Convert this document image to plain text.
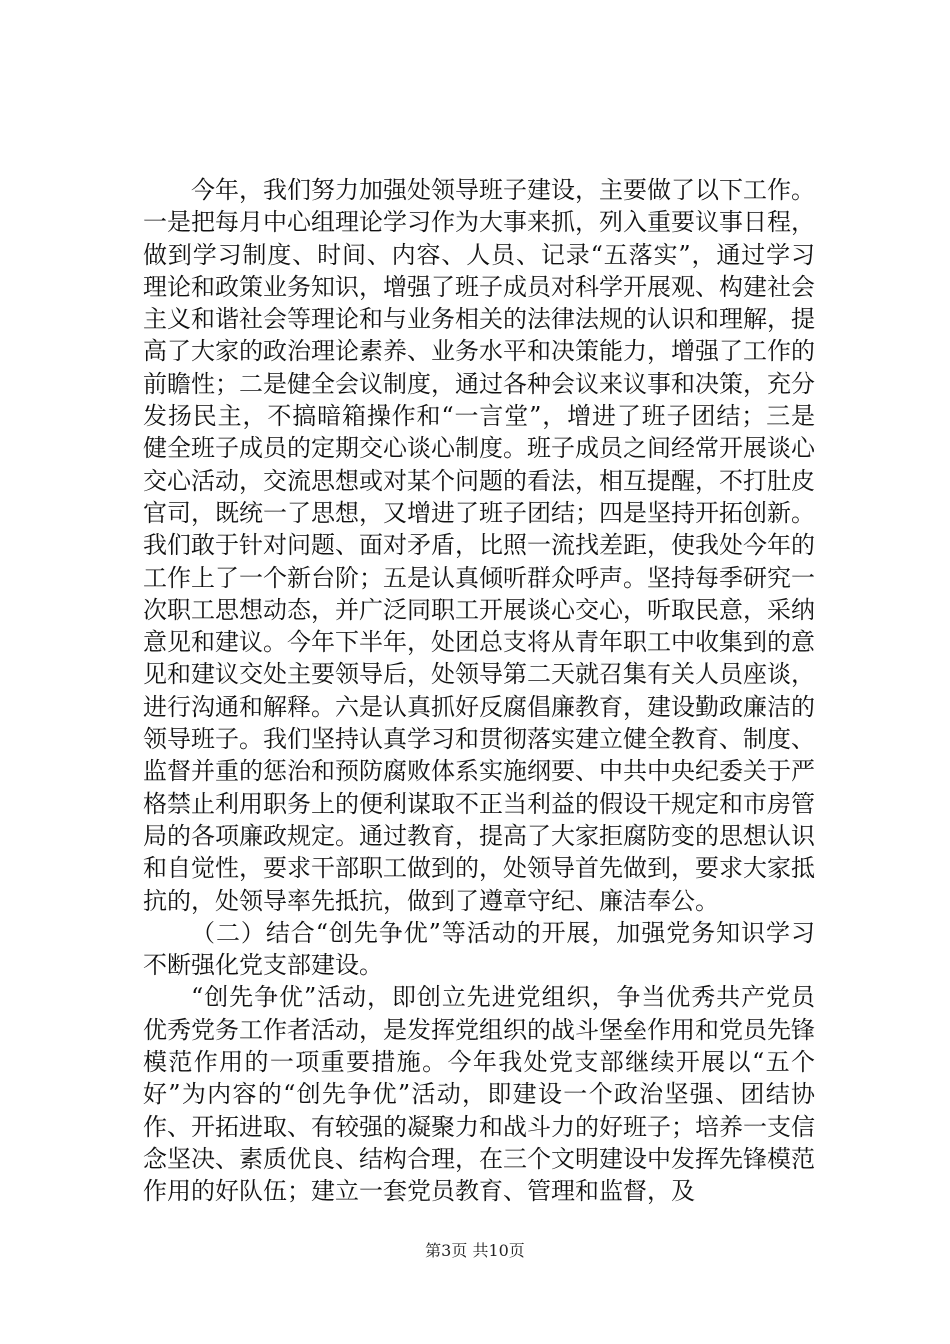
今年，我们努力加强处领导班子建设，主要做了以下工作。一是把每月中心组理论学习作为大事来抓，列入重要议事日程，做到学习制度、时间、内容、人员、记录“五落实”，通过学习理论和政策业务知识，增强了班子成员对科学开展观、构建社会主义和谐社会等理论和与业务相关的法律法规的认识和理解，提高了大家的政治理论素养、业务水平和决策能力，增强了工作的前瞻性；二是健全会议制度，通过各种会议来议事和决策，充分发扬民主，不搞暗箱操作和“一言堂”，增进了班子团结；三是健全班子成员的定期交心谈心制度。班子成员之间经常开展谈心交心活动，交流思想或对某个问题的看法，相互提醒，不打肚皮官司，既统一了思想，又增进了班子团结；四是坚持开拓创新。我们敢于针对问题、面对矛盾，比照一流找差距，使我处今年的工作上了一个新台阶；五是认真倾听群众呼声。坚持每季研究一次职工思想动态，并广泛同职工开展谈心交心，听取民意，采纳意见和建议。今年下半年，处团总支将从青年职工中收集到的意见和建议交处主要领导后，处领导第二天就召集有关人员座谈，进行沟通和解释。六是认真抓好反腐倡廉教育，建设勤政廉洁的领导班子。我们坚持认真学习和贯彻落实建立健全教育、制度、监督并重的惩治和预防腐败体系实施纲要、中共中央纪委关于严格禁止利用职务上的便利谋取不正当利益的假设干规定和市房管局的各项廉政规定。通过教育，提高了大家拒腐防变的思想认识和自觉性，要求干部职工做到的，处领导首先做到，要求大家抵抗的，处领导率先抵抗，做到了遵章守纪、廉洁奉公。

（二）结合“创先争优”等活动的开展，加强党务知识学习不断强化党支部建设。

“创先争优”活动，即创立先进党组织，争当优秀共产党员优秀党务工作者活动，是发挥党组织的战斗堡垒作用和党员先锋模范作用的一项重要措施。今年我处党支部继续开展以“五个好”为内容的“创先争优”活动，即建设一个政治坚强、团结协作、开拓进取、有较强的凝聚力和战斗力的好班子；培养一支信念坚决、素质优良、结构合理，在三个文明建设中发挥先锋模范作用的好队伍；建立一套党员教育、管理和监督，及

第3页 共10页
